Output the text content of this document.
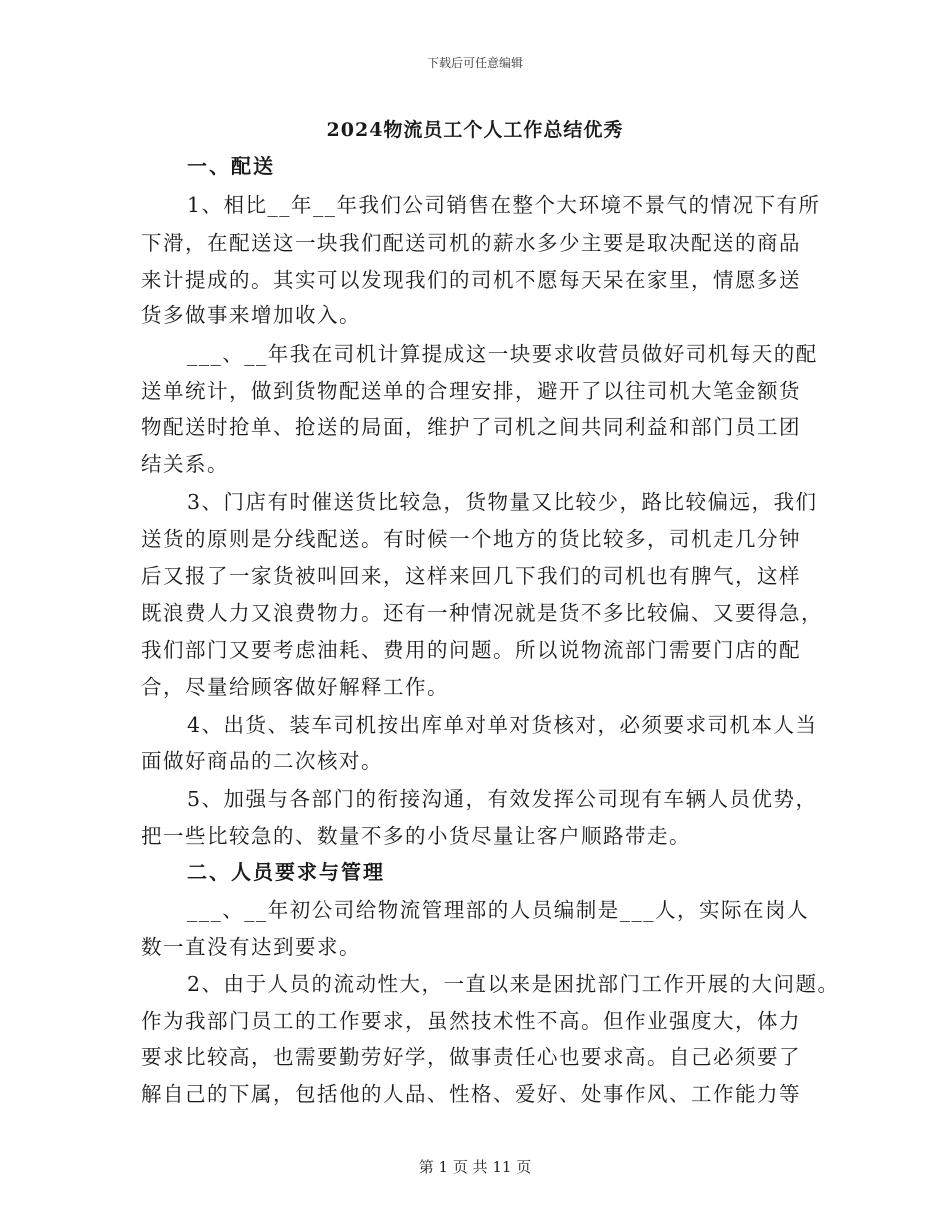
下载后可任意编辑
2024物流员工个人工作总结优秀
一、配送
1、相比__年__年我们公司销售在整个大环境不景气的情况下有所
下滑，在配送这一块我们配送司机的薪水多少主要是取决配送的商品
来计提成的。其实可以发现我们的司机不愿每天呆在家里，情愿多送
货多做事来增加收入。
___、__年我在司机计算提成这一块要求收营员做好司机每天的配
送单统计，做到货物配送单的合理安排，避开了以往司机大笔金额货
物配送时抢单、抢送的局面，维护了司机之间共同利益和部门员工团
结关系。
3、门店有时催送货比较急，货物量又比较少，路比较偏远，我们
送货的原则是分线配送。有时候一个地方的货比较多，司机走几分钟
后又报了一家货被叫回来，这样来回几下我们的司机也有脾气，这样
既浪费人力又浪费物力。还有一种情况就是货不多比较偏、又要得急，
我们部门又要考虑油耗、费用的问题。所以说物流部门需要门店的配
合，尽量给顾客做好解释工作。
4、出货、装车司机按出库单对单对货核对，必须要求司机本人当
面做好商品的二次核对。
5、加强与各部门的衔接沟通，有效发挥公司现有车辆人员优势，
把一些比较急的、数量不多的小货尽量让客户顺路带走。
二、人员要求与管理
___、__年初公司给物流管理部的人员编制是___人，实际在岗人
数一直没有达到要求。
2、由于人员的流动性大，一直以来是困扰部门工作开展的大问题。
作为我部门员工的工作要求，虽然技术性不高。但作业强度大，体力
要求比较高，也需要勤劳好学，做事责任心也要求高。自己必须要了
解自己的下属，包括他的人品、性格、爱好、处事作风、工作能力等
第 1 页 共 11 页
